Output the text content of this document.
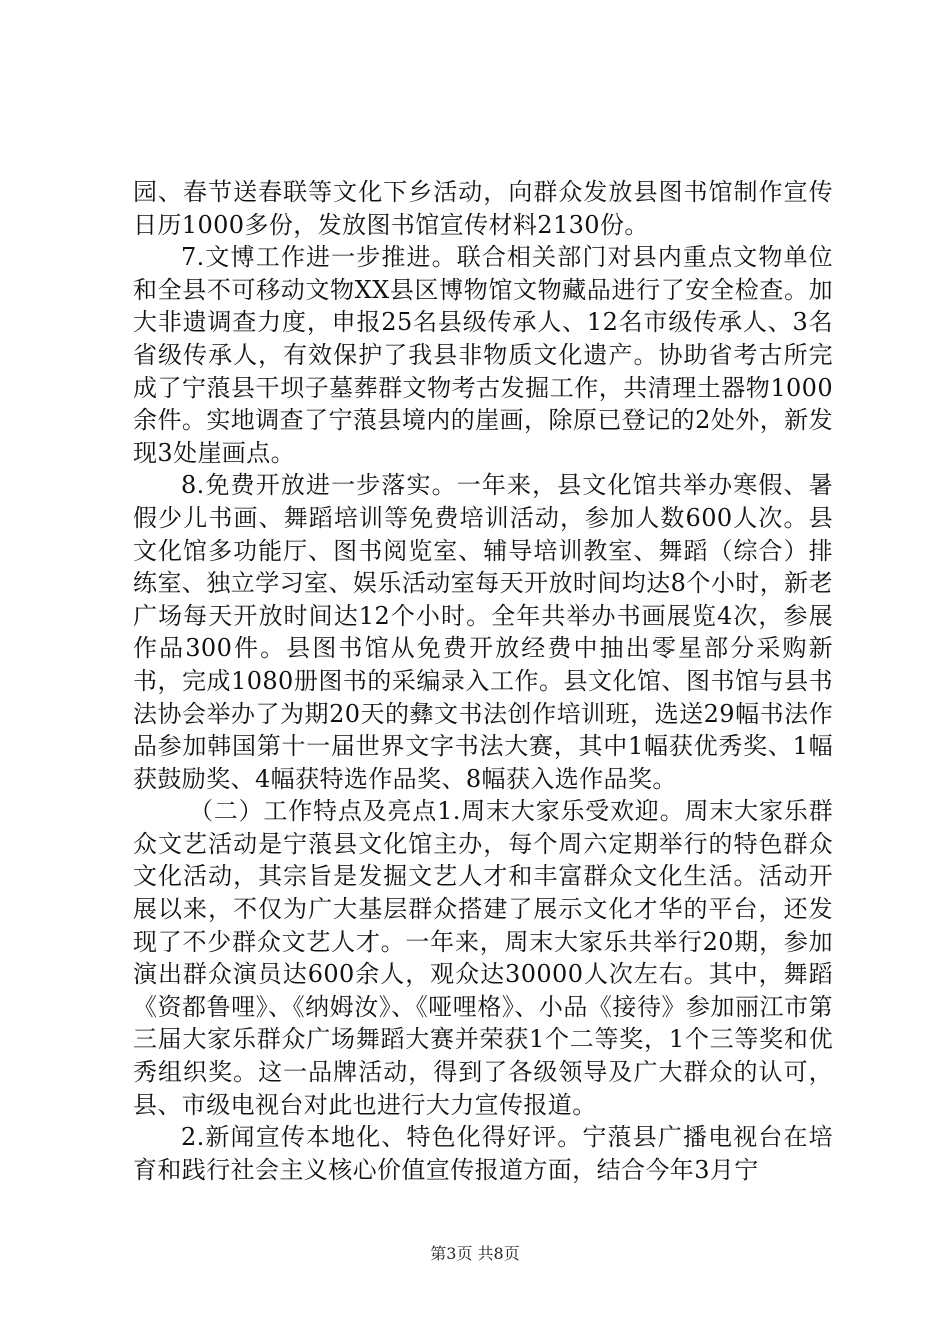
园、春节送春联等文化下乡活动，向群众发放县图书馆制作宣传日历1000多份，发放图书馆宣传材料2130份。

7.文博工作进一步推进。联合相关部门对县内重点文物单位和全县不可移动文物XX县区博物馆文物藏品进行了安全检查。加大非遗调查力度，申报25名县级传承人、12名市级传承人、3名省级传承人，有效保护了我县非物质文化遗产。协助省考古所完成了宁蒗县干坝子墓葬群文物考古发掘工作，共清理土器物1000余件。实地调查了宁蒗县境内的崖画，除原已登记的2处外，新发现3处崖画点。

8.免费开放进一步落实。一年来，县文化馆共举办寒假、暑假少儿书画、舞蹈培训等免费培训活动，参加人数600人次。县文化馆多功能厅、图书阅览室、辅导培训教室、舞蹈（综合）排练室、独立学习室、娱乐活动室每天开放时间均达8个小时，新老广场每天开放时间达12个小时。全年共举办书画展览4次，参展作品300件。县图书馆从免费开放经费中抽出零星部分采购新书，完成1080册图书的采编录入工作。县文化馆、图书馆与县书法协会举办了为期20天的彝文书法创作培训班，选送29幅书法作品参加韩国第十一届世界文字书法大赛，其中1幅获优秀奖、1幅获鼓励奖、4幅获特选作品奖、8幅获入选作品奖。

（二）工作特点及亮点1.周末大家乐受欢迎。周末大家乐群众文艺活动是宁蒗县文化馆主办，每个周六定期举行的特色群众文化活动，其宗旨是发掘文艺人才和丰富群众文化生活。活动开展以来，不仅为广大基层群众搭建了展示文化才华的平台，还发现了不少群众文艺人才。一年来，周末大家乐共举行20期，参加演出群众演员达600余人，观众达30000人次左右。其中，舞蹈《资都鲁哩》、《纳姆汝》、《哑哩格》、小品《接待》参加丽江市第三届大家乐群众广场舞蹈大赛并荣获1个二等奖，1个三等奖和优秀组织奖。这一品牌活动，得到了各级领导及广大群众的认可，县、市级电视台对此也进行大力宣传报道。

2.新闻宣传本地化、特色化得好评。宁蒗县广播电视台在培育和践行社会主义核心价值宣传报道方面，结合今年3月宁

第3页 共8页
